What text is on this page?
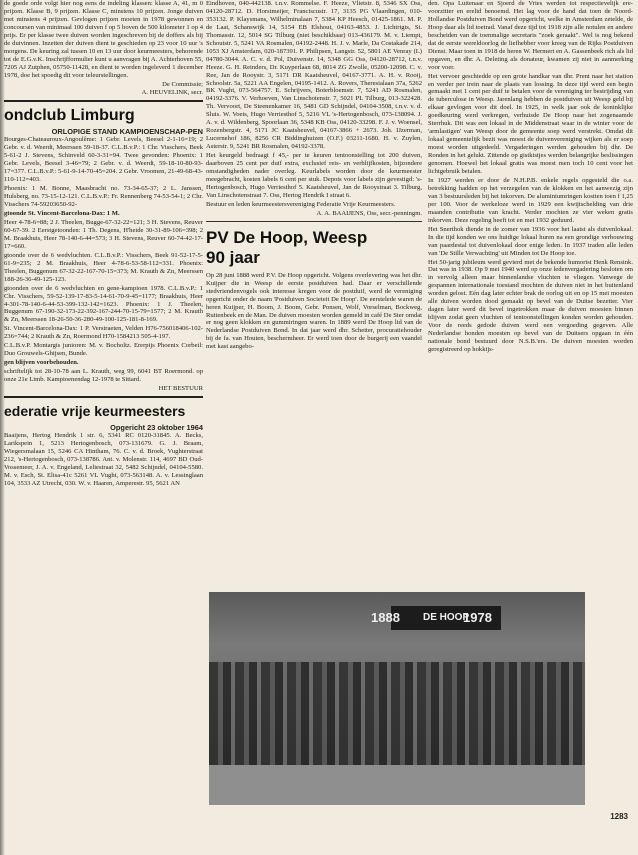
de goede orde volgt hier nog eens de indeling klassen: klasse A, 41, m 0 prijzen. Klasse B, 9 prijzen. Klasse C, minstens 10 prijzen. Jonge duiven met minstens 4 prijzen. Gevlogen prijzen moeten in 1978 gewonnen en concoursen van minimaal 100 duiven f op 5 boven de 500 kilometer 1 op 4 prijs. Er per klasse twee duiven worden ingeschreven bij de doffers als bij de duivinnen. Inzetten der duiven dient te geschieden op 23 voor 10 uur 's morgens. De keuring zal tussen 10 en 13 uur door keurmeesters, behorende tot de E.G.v.K. Inschrijfformulier kunt u aanvragen bij A. Achterhoven 55, 7205 AJ Zutphen, 05750-11428, en dient te worden ingeleverd 1 december 1978, doe het spoedig dit voor teleurstellingen.

De Commissie;

A. HEUVELINK, secr.

ondclub Limburg
ORLOPIGE STAND KAMPIOENSCHAP-PEN

Bourges-Chateauroux-Angoulême: 1 Gebr. Levels, Beesel 2-1-16=19; 2 Gebr. v. d. Weerdt, Meerssen 59-18-37. C.L.B.v.P.: 1 Chr. Visschers, Beek 5-61-2 J. Stevens, Schinveld 60-3-31=94. Twee gevonden: Phoenix: 1 Gebr. Levels, Beesel 3-46=79; 2 Gebr. v. d. Weerdt, 59-18-10-80-93-17=377. C.L.B.v.P.: 5-61-9-14-70-45=204. 2 Gebr. Vroomen, 21-49-68-43-110-112=403.

Phoenix: 1 M. Bonne, Maasbracht no. 73-34-65-37; 2 L. Janssen, Hulsberg, no. 73-15-12-121. C.L.B.v.P.: Fr. Rennenberg 74-53-54-1; 2 Chr. Visschers 74-59203650-92-

gtoonde St. Vincent-Barcelona-Dax: 1 M.

Heer 4-78-6=88; 2 J. Theelen, Bugge-67-32-22=121; 3 H. Stevens, Reuver 60-67-39. 2 Eerstgetoonden: 1 Th. Degens, H'heide 30-31-89-106=398; 2 M. Braakhuis, Heer 78-140-6-44=573; 3 H. Stevens, Reuver 60-74-42-17-17=660.

gtoonde over de 6 wedvluchten. C.L.B.v.P.: Visschers, Beek 91-52-17-5-61-9=235; 2 M. Braakhuis, Heer 4-78-6-53-58-112=331. Phoenix: Theelen, Buggenum 67-32-22-167-70-15=373; M. Krauth & Zn, Meerssen 188-26-36-49-125-123.

gtoonden over de 6 wedvluchten en gene-kampioen 1978. C.L.B.v.P.: 1 Chr. Visschers, 59-52-139-17-83-5-14-61-70-9-45=1177; Braakhuis, Heer 4-301-78-140-6-44-53-399-132-142=1623. Phoenix: 1 J. Theelen, Buggenum 67-190-32-173-22-392-167-244-70-15-79=1577; 2 M. Krauth & Zn, Meerssen 18-26-50-36-280-49-100-125-181-8-169.

St. Vincent-Barcelona-Dax: 1 P. Verstraeten, Velden H76-756018406-102-236=744; 2 Krauth & Zn, Roermond H70-1584213 505-4-197.

C.L.B.v.P. Montargis junioren: M. v. Bocholtz. Ererpijs Phoenix Corbeil: Duo Grouwels-Ghijsen, Bunde.

gen blijven voorbehouden.

schriftelijk tot 28-10-78 aan L. Krauth, weg 99, 6041 BT Roermond. op onze 21e Limb. Kampioenendag 12-1978 te Sittard.

HET BESTUUR

ederatie vrije keurmeesters
Opgericht 23 oktober 1964

Baaijens, Hertog Hendrik 1 str. 6, 5341 RC 0120-31845. A. Becks, Larikspein 1, 5213 Hertogenbosch, 073-131679. G. J. Braam, Wiegersmalaan 15, 5246 CA Hintham, 76. C. v. d. Broek, Vughterstraat 212, 's-Hertogenbosch, 073-138786. Ant. v. Molenstr. 114, 4697 BD Oud-Vossemeer, J. A. v. Engeland, Leliestraat 32, 5482 Schijndel, 04104-5580. M. v. Esch, St. Elisa-41c 5261 VL Vught, 073-563148. A. v. Lessinglaan 104, 3533 AZ Utrecht, 030. W. v. Haaren, Amperestr. 95, 5621 AN

Eindhoven, 040-442138. t.n.v. Rommelse. F. Heeze, Vlietstr. 8, 5346 SX Oss, 04120-28712. D. Horstmeijer, Franciscustr. 17, 3135 PG Vlaardingen, 010-353132. P. Klaysmans, Wilhelminalaan 7, 5384 KP Heesch, 01425-1861. M. P. de Laat, Schanswijk 14, 5154 EB Elshout, 04163-4853. J. Lichtrigts, St. Thomasstr. 12, 5014 SG Tilburg (niet beschikbaar) 013-436179. M. v. Liempt, Schoutstr. 5, 5241 VA Rosmalen, 04192-2448. H. J. v. Marle, Da Costakade 214, 1053 XJ Amsterdam, 020-187391. P. Philipsen, Langstr. 52, 5801 AE Venray (L) 04780-3044. A. C. v. d. Pol, Duivenstr. 14, 5348 GG Oss, 04120-28712, t.n.v. Heeze. G. H. Reinders, Dr. Kuyperlaan 68, 8014 ZG Zwolle, 05200-12098. C. v. Ree, Jan de Rooystr. 3, 5171 DR Kaatsheuvel, 04167-3771. A. H. v. Rooij, Schoolstr. 5a, 5221 AA Engelen, 04195-1412. A. Rovers, Theresialaan 37a, 5262 BK Vught, 073-564757. E. Schrijvers, Boterbloemstr. 7, 5241 AD Rosmalen, 04192-3376. V. Verhoeven, Van Linschotenstr. 7, 5021 PL Tilburg, 013-322428. Th. Vervoort, De Steenenkamer 16, 5481 GD Schijndel, 04104-3508, t.n.v. v. d. Sluis. W. Voets, Hugo Verriesthof 5, 5216 VL 's-Hertogenbosch, 073-138094. J. A. v. d. Wildenberg, Spoorlaan 36, 5348 KB Oss, 04120-33298. F. J. v. Woensel, Rozenbergstr. 4, 5171 JC Kaatsheuvel, 04167-3866 + 2673. Joh. IJzerman, Lucernehof 186, 8256 CR Biddinghuizen (O.F.) 03211-1680. H. v. Zuylen, Asterstr. 9, 5241 BR Rosmalen, 04192-3378.

Het keurgeld bedraagt f 45,- per te keuren tentoonstelling tot 200 duiven, daarboven 25 cent per duif extra, exclusief reis- en verblijfkosten, bijzondere omstandigheden nader overleg. Keurlabels worden door de keurmeester meegebracht, kosten labels 6 cent per stuk. Depots voor labels zijn gevestigd: 's-Hertogenbosch, Hugo Verriesthof 5. Kaatsheuvel, Jan de Rooystraat 3. Tilburg, Van Linschotenstraat 7. Oss, Hertog Hendrik I straat 6.

Bestuur en leden keurmeestersvereniging Federatie Vrije Keurmeesters.

A. A. BAAIJENS, Oss, secr.-penningm.

PV De Hoop, Weesp
90 jaar

Op 28 juni 1888 werd P.V. De Hoop opgericht. Volgens overlevering was het dhr. Kuijper die in Weesp de eerste postduiven had. Daar er verschillende stedvriendenvogels ook interesse kregen voor de postduif, werd de vereniging opgericht onder de naam 'Postduiven Societeit De Hoop'. De eerstelede waren de heren Kuijper, H. Boom, J. Boom, Gebr. Ponsen, Wolf, Vorselman, Bockweg, Ruitenbeek en de Man. De duiven moesten worden gemeld in café De Ster omdat er nog geen klokken en gummiringen waren. In 1889 werd De Hoop lid van de Nederlandse Postduiven Bond. In dat jaar werd dhr. Schetter, procuratiehouder bij de fa. van Houten, beschermheer. Er werd toen door de burgerij een vaandel met kast aangebo-

den. Opa Luitenaar en Sjoerd de Vries werden tot respectievelijk ere-voorzitter en erelid benoemd. Het lag voor de hand dat toen de Noord-Hollandse Postduiven Bond werd opgericht, welke in Amsterdam zetelde, de Hoop daar als lid toetrad. Vanaf deze tijd tot 1918 zijn alle notulen en andere bescheiden van de toenmalige secretaris "zoek geraakt". Wel is nog bekend dat de eerste wereldoorlog de liefhebber voor kreeg van de Rijks Postduiven Dienst. Maar toen in 1918 de heren W. Hermert en A. Gassenbeek rich als lid opgaven, en dhr. A. Deleting als donateur, kwamen zij niet in aanmerking voor voer.

Het vervoer geschiedde op een grote handkar van dhr. Prent naar het station en verder per trein naar de plaats van lossing. In deze tijd werd een begin gemaakt met 1 cent per duif te betalen voor de vereniging ter bestrijding van de tuberculose in Weesp. Jarenlang hebben de postduiven uit Weesp geld bij elkaar gevlogen voor dit doel. In 1925, in welk jaar ook de koninklijke goedkeuring werd verkregen, verhuisde De Hoop naar het zogenaamde Sterrhuk. Dit was een lokaal in de Middenstraat waar in de winter voor de 'armlastigen' van Weesp door de gemeente soep werd verstrekt. Omdat dit lokaal gemeentelijk bezit was moest de duivenvereniging wijken als er soep moest worden uitgedeeld. Vergaderingen werden gehouden bij dhr. De Ronden in het gelukt. Zittende op gistkistjes werden belangrijke beslissingen genomen. Hoewel het lokaal gratis was moest men toch 10 cent voor het lichtgebruik betalen.

In 1927 werden er door de N.H.P.B. enkele regels opgesteld die o.a. betrekking hadden op het verzegelen van de klokken en het aanwezig zijn van 3 bestuursleden bij het inkorven. De aluminiumringen kostten toen f 1,25 per 100. Voor de werkeloze werd in 1929 een kwijtschelding van drie maanden contributie van kracht. Verder mochten ze vier weken gratis inkorven. Deze regeling heeft tot en met 1932 geduurd.

Het Snerthok diende in de zomer van 1936 voor het laatst als duivenlokaal. In die tijd konden we ons huidige lokaal huren na een grondige verbouwing van paardestal tot duivenlokaal door enige leden. In 1937 traden alle leden van 'De Stille Verwachting' uit Minden tot De Hoop toe.

Het 50-jarig jubileum werd gevierd met de bekende humorist Henk Rensink. Dat was in 1938. Op 9 mei 1940 werd op onze ledenvergadering besloten om in vervolg alleen maar binnenlandse vluchten te vliegen. Vanwege de gespannen internationale toestand mochten de duiven niet in het buitenland worden gelost. Eén dag later echter brak de oorlog uit en op 15 mei moesten alle duiven worden dood gemaakt op bevel van de Duitse bezetter. Vier dagen later werd dit bevel ingetrokken maar de duiven moesten binnen blijven zodat geen vluchten of tentoonstellingen konden worden gehouden. Voor de reeds gedode duiven werd een vergoeding gegeven. Alle Nederlandse honden moesten op bevel van de Duitsers opgaan in één nationale bond bestuurd door N.S.B.'ers. De duiven moesten worden geregistreerd op hokkijs-

1888 DE HOOP
1978
1283
